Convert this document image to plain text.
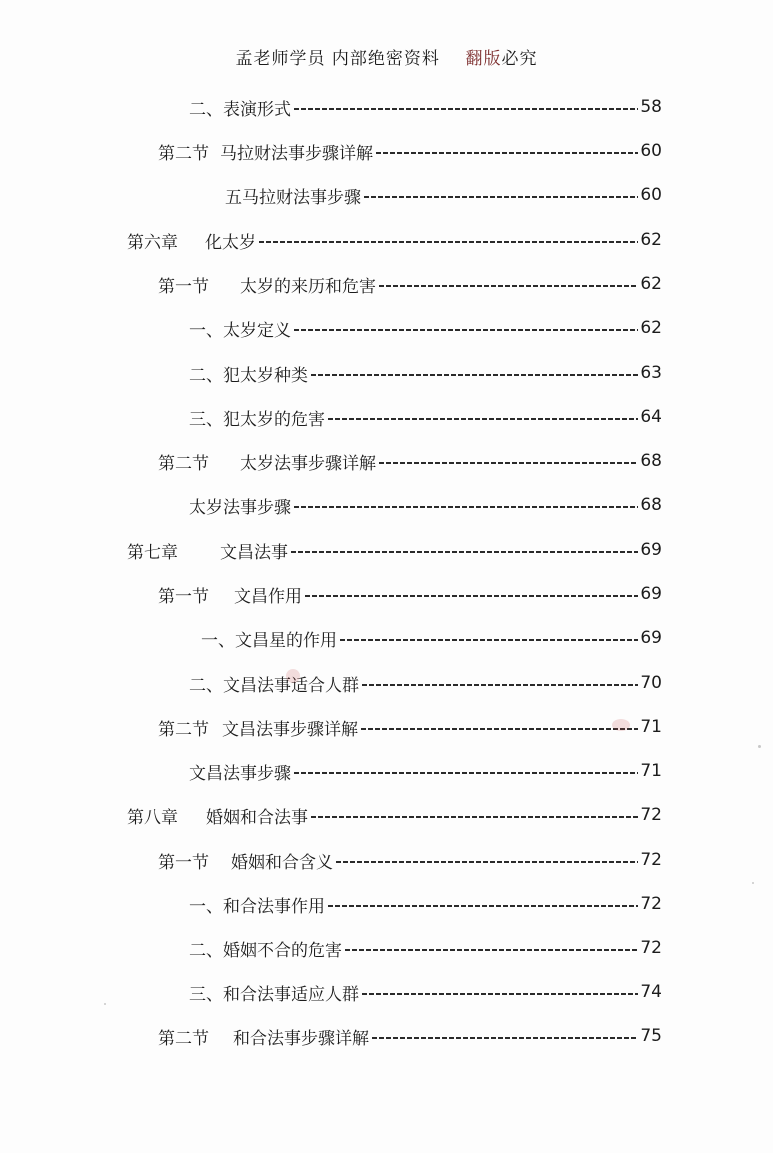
孟老师学员 内部绝密资料 翻版必究
二、 表演形式	58
第二节 马拉财法事步骤详解	60
五马拉财法事步骤	60
第六章 化太岁	62
第一节 太岁的来历和危害	62
一、 太岁定义	62
二、 犯太岁种类	63
三、 犯太岁的危害	64
第二节 太岁法事步骤详解	68
太岁法事步骤	68
第七章 文昌法事	69
第一节 文昌作用	69
一、 文昌星的作用	69
二、 文昌法事适合人群	70
第二节 文昌法事步骤详解	71
文昌法事步骤	71
第八章 婚姻和合法事	72
第一节 婚姻和合含义	72
一、 和合法事作用	72
二、 婚姻不合的危害	72
三、 和合法事适应人群	74
第二节 和合法事步骤详解	75
